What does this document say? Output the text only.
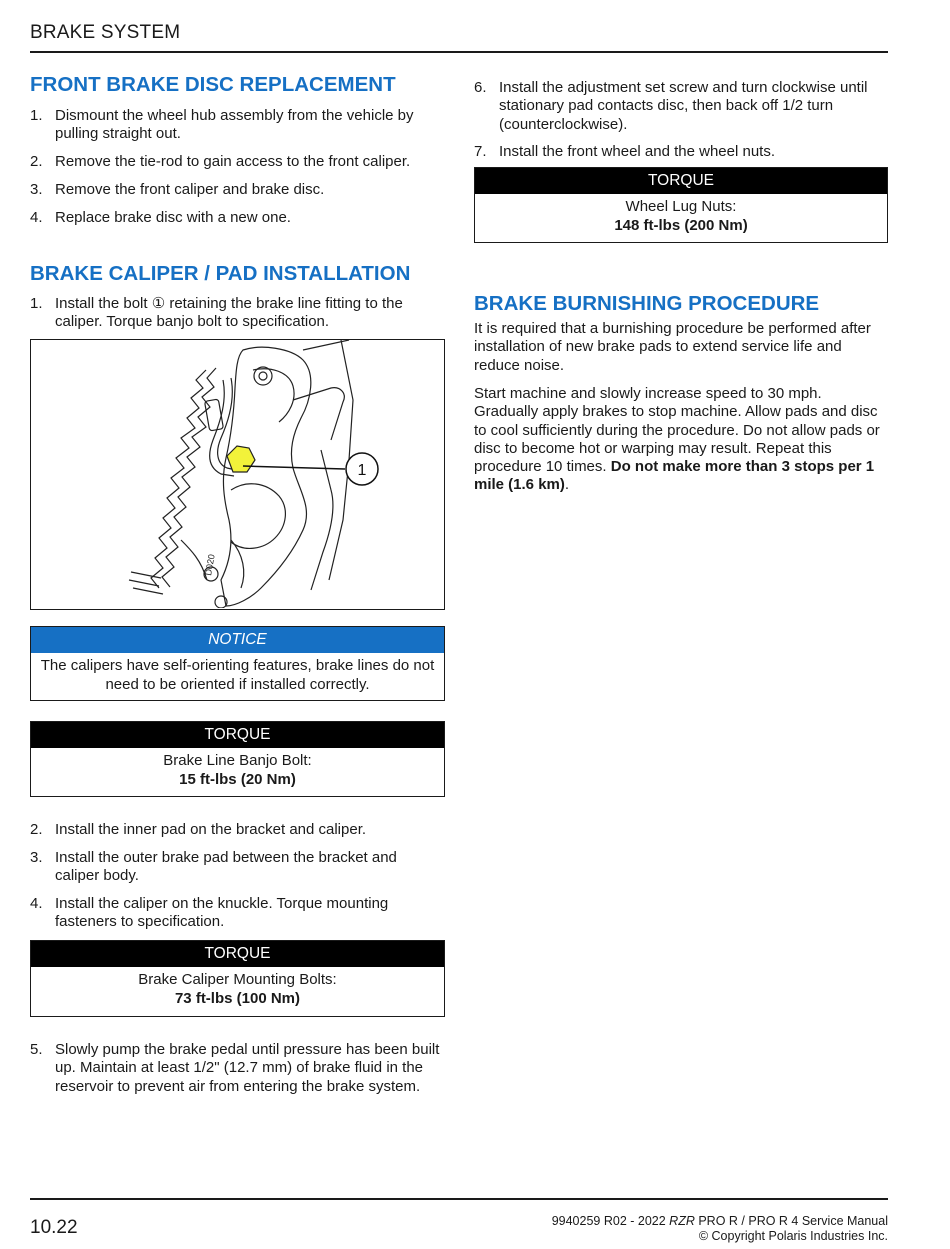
BRAKE SYSTEM
FRONT BRAKE DISC REPLACEMENT
1. Dismount the wheel hub assembly from the vehicle by pulling straight out.
2. Remove the tie-rod to gain access to the front caliper.
3. Remove the front caliper and brake disc.
4. Replace brake disc with a new one.
BRAKE CALIPER / PAD INSTALLATION
1. Install the bolt ① retaining the brake line fitting to the caliper. Torque banjo bolt to specification.
D020
1
NOTICE
The calipers have self-orienting features, brake lines do not need to be oriented if installed correctly.
TORQUE
Brake Line Banjo Bolt:
15 ft-lbs (20 Nm)
2. Install the inner pad on the bracket and caliper.
3. Install the outer brake pad between the bracket and caliper body.
4. Install the caliper on the knuckle. Torque mounting fasteners to specification.
TORQUE
Brake Caliper Mounting Bolts:
73 ft-lbs (100 Nm)
5. Slowly pump the brake pedal until pressure has been built up. Maintain at least 1/2" (12.7 mm) of brake fluid in the reservoir to prevent air from entering the brake system.
6. Install the adjustment set screw and turn clockwise until stationary pad contacts disc, then back off 1/2 turn (counterclockwise).
7. Install the front wheel and the wheel nuts.
TORQUE
Wheel Lug Nuts:
148 ft-lbs (200 Nm)
BRAKE BURNISHING PROCEDURE

It is required that a burnishing procedure be performed after installation of new brake pads to extend service life and reduce noise.

Start machine and slowly increase speed to 30 mph. Gradually apply brakes to stop machine. Allow pads and disc to cool sufficiently during the procedure. Do not allow pads or disc to become hot or warping may result. Repeat this procedure 10 times. Do not make more than 3 stops per 1 mile (1.6 km).

10.22	9940259 R02 - 2022 RZR PRO R / PRO R 4 Service Manual
© Copyright Polaris Industries Inc.
